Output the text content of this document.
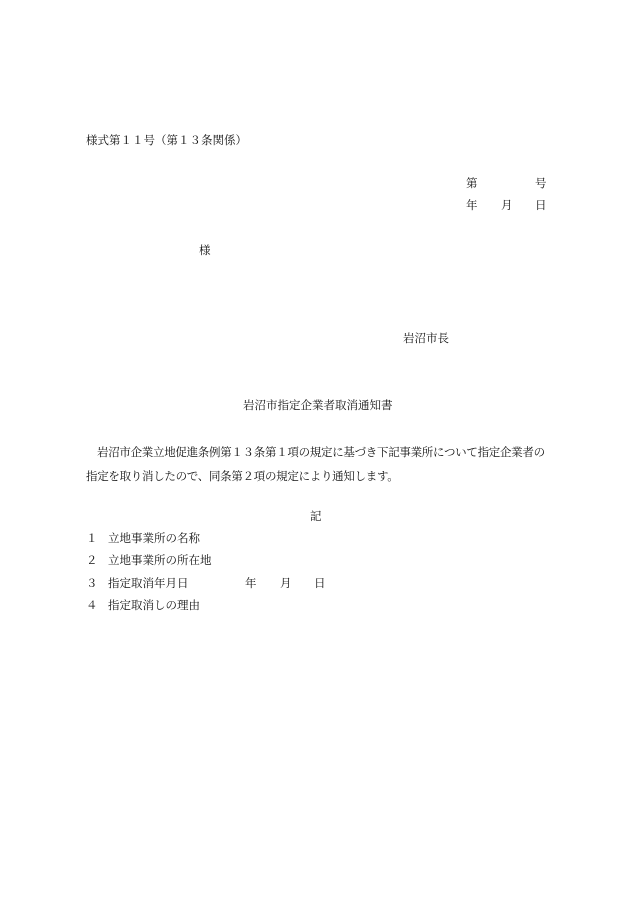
様式第１１号（第１３条関係）
第	号
年 月 日
様
岩沼市長
岩沼市指定企業者取消通知書
岩沼市企業立地促進条例第１３条第１項の規定に基づき下記事業所について指定企業者の指定を取り消したので、同条第２項の規定により通知します。
記
１ 立地事業所の名称
２ 立地事業所の所在地
３ 指定取消年月日	年 月 日
４ 指定取消しの理由
